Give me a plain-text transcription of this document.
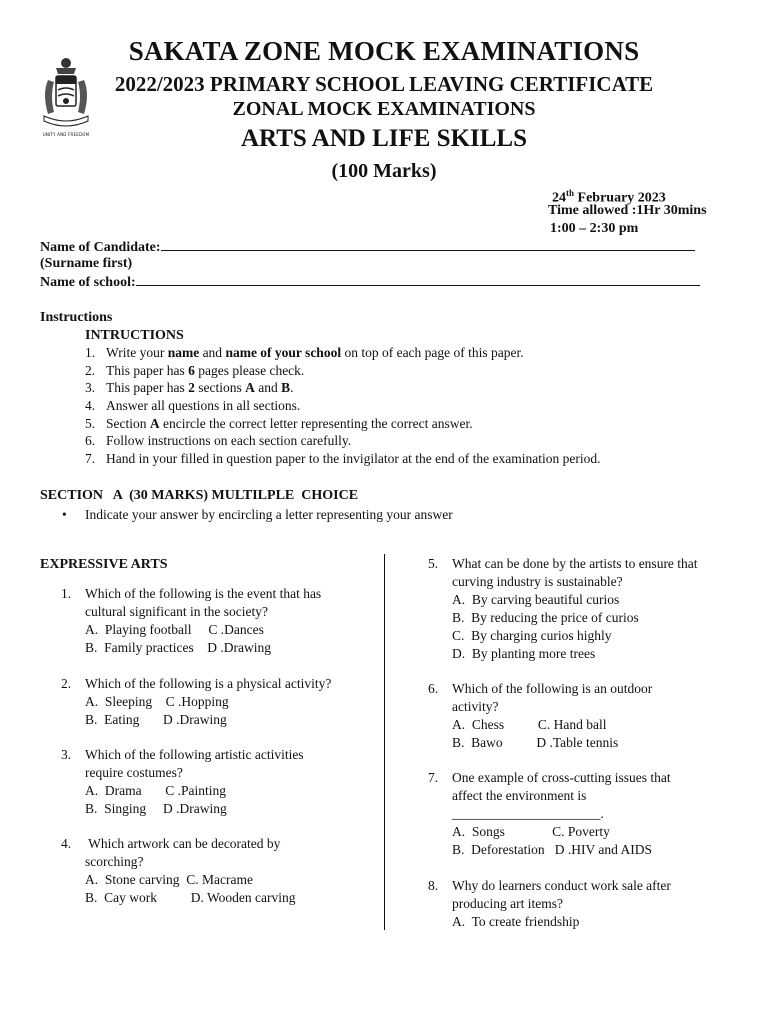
UNITY AND FREEDOM
SAKATA ZONE MOCK EXAMINATIONS
2022/2023 PRIMARY SCHOOL LEAVING CERTIFICATE
ZONAL MOCK EXAMINATIONS
ARTS AND LIFE SKILLS
(100 Marks)
24th February 2023
Time allowed :1Hr 30mins
1:00 – 2:30 pm
Name of Candidate:
(Surname first)
Name of school:
Instructions
INTRUCTIONS
1. Write your name and name of your school on top of each page of this paper.
2. This paper has 6 pages please check.
3. This paper has 2 sections A and B.
4. Answer all questions in all sections.
5. Section A encircle the correct letter representing the correct answer.
6. Follow instructions on each section carefully.
7. Hand in your filled in question paper to the invigilator at the end of the examination period.
SECTION   A  (30 MARKS) MULTILPLE  CHOICE
• Indicate your answer by encircling a letter representing your answer
EXPRESSIVE ARTS
1. Which of the following is the event that has
cultural significant in the society?
A.  Playing football     C .Dances
B.  Family practices    D .Drawing
2. Which of the following is a physical activity?
A.  Sleeping    C .Hopping
B.  Eating       D .Drawing
3. Which of the following artistic activities
require costumes?
A.  Drama       C .Painting
B.  Singing     D .Drawing
4. Which artwork can be decorated by
scorching?
A.  Stone carving  C. Macrame
B.  Cay work          D. Wooden carving
5. What can be done by the artists to ensure that
curving industry is sustainable?
A.  By carving beautiful curios
B.  By reducing the price of curios
C.  By charging curios highly
D.  By planting more trees
6. Which of the following is an outdoor
activity?
A.  Chess          C. Hand ball
B.  Bawo          D .Table tennis
7. One example of cross-cutting issues that
affect the environment is
______________________.
A.  Songs              C. Poverty
B.  Deforestation   D .HIV and AIDS
8. Why do learners conduct work sale after
producing art items?
A.  To create friendship
